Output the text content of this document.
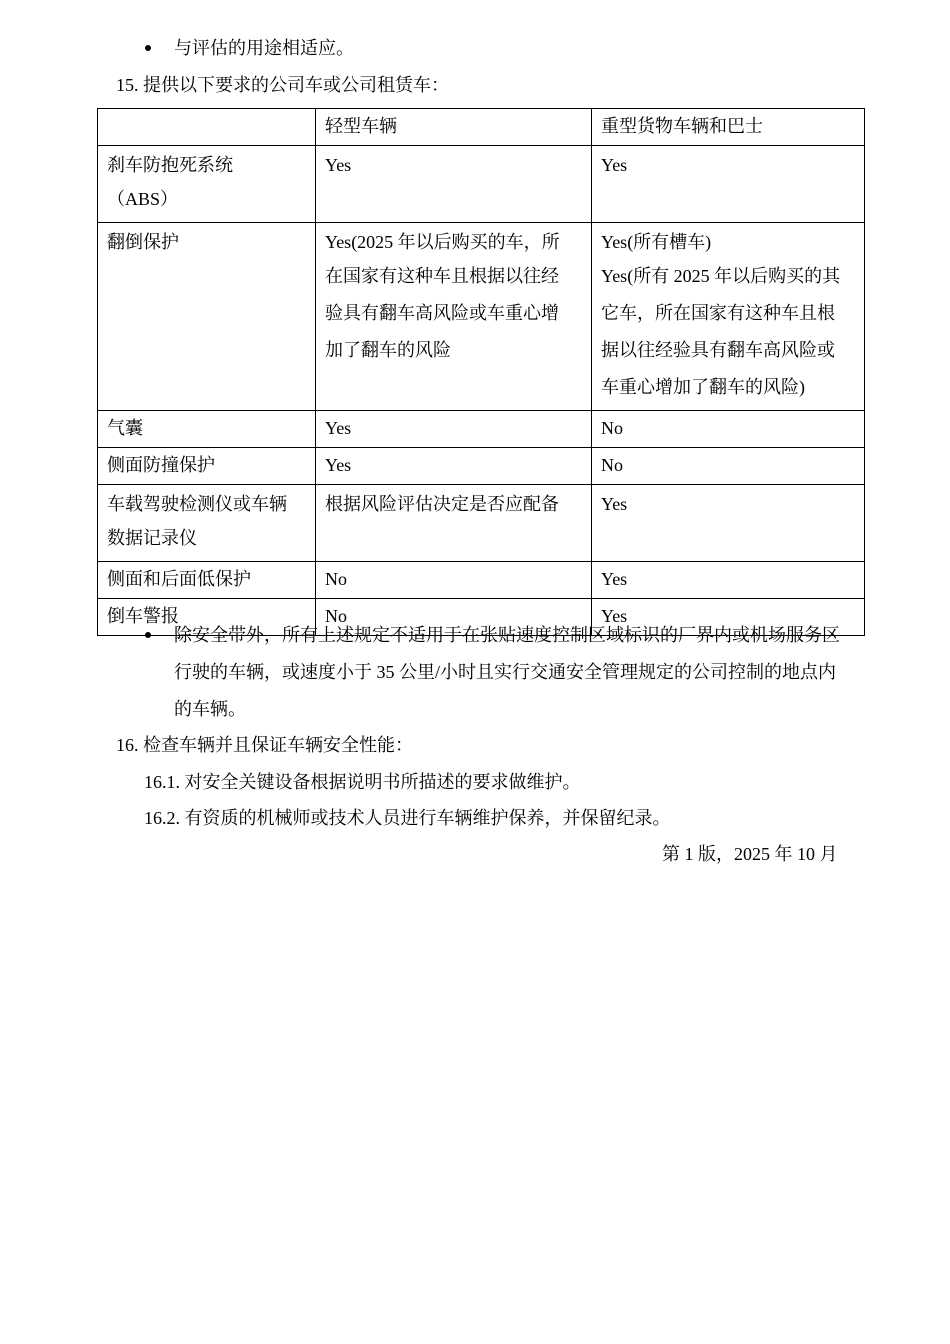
与评估的用途相适应。
15. 提供以下要求的公司车或公司租赁车：
	轻型车辆	重型货物车辆和巴士

刹车防抱死系统
（ABS）	Yes	Yes

翻倒保护	Yes(2025 年以后购买的车，所
在国家有这种车且根据以往经
验具有翻车高风险或车重心增
加了翻车的风险	Yes(所有槽车)
Yes(所有 2025 年以后购买的其
它车，所在国家有这种车且根
据以往经验具有翻车高风险或
车重心增加了翻车的风险)

气囊	Yes	No
侧面防撞保护	Yes	No

车载驾驶检测仪或车辆
数据记录仪	根据风险评估决定是否应配备	Yes

侧面和后面低保护	No	Yes
倒车警报	No	Yes
除安全带外，所有上述规定不适用于在张贴速度控制区域标识的厂界内或机场服务区
行驶的车辆，或速度小于 35 公里/小时且实行交通安全管理规定的公司控制的地点内
的车辆。
16. 检查车辆并且保证车辆安全性能：
16.1. 对安全关键设备根据说明书所描述的要求做维护。
16.2. 有资质的机械师或技术人员进行车辆维护保养，并保留纪录。
第 1 版，2025 年 10 月
